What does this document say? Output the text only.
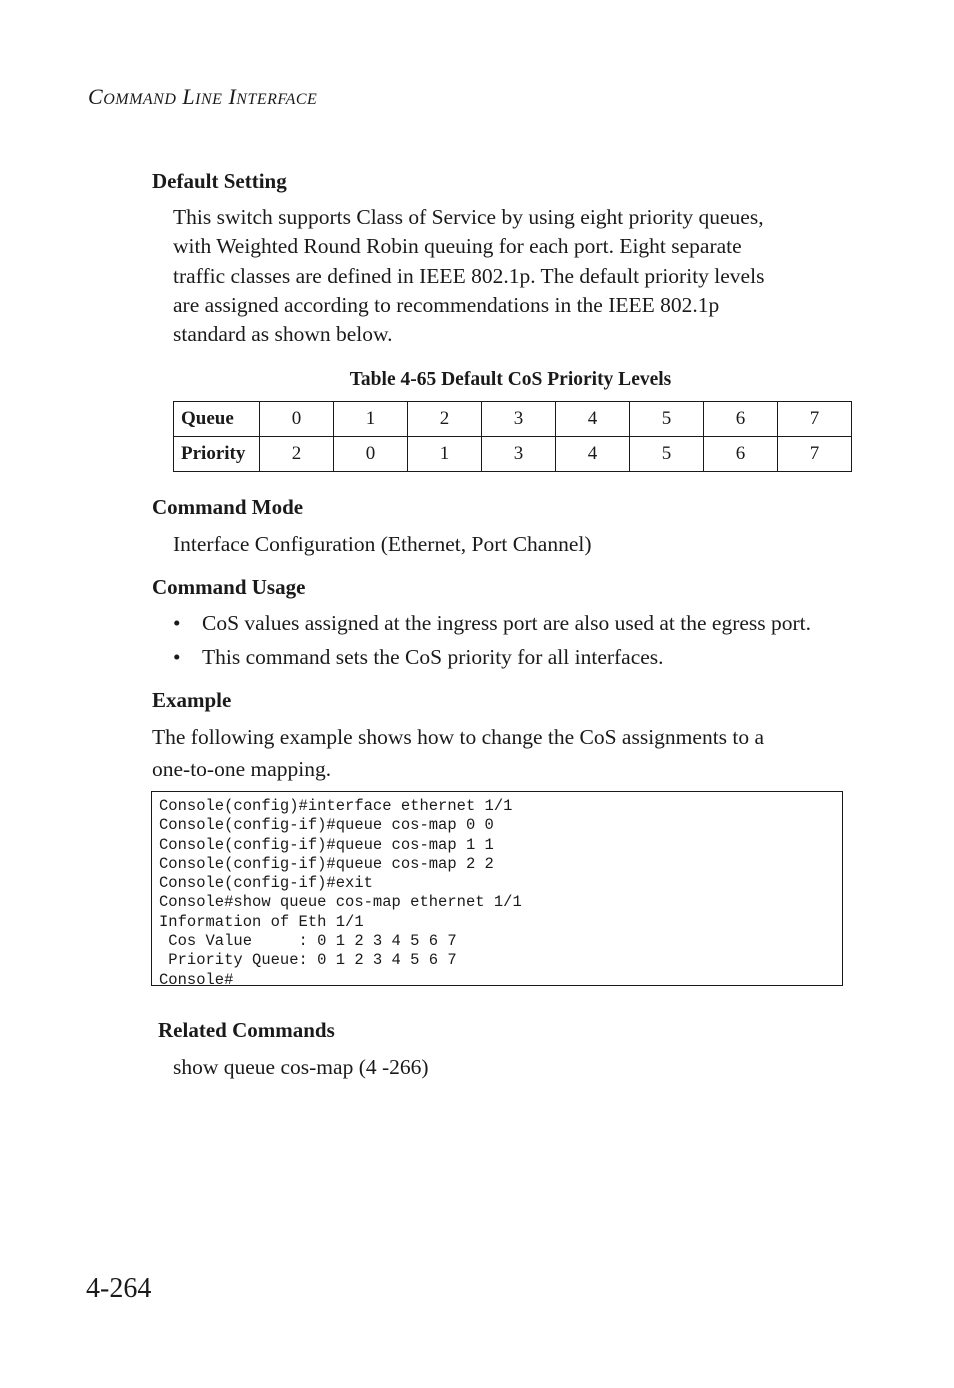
COMMAND LINE INTERFACE
Default Setting
This switch supports Class of Service by using eight priority queues,
with Weighted Round Robin queuing for each port. Eight separate
traffic classes are defined in IEEE 802.1p. The default priority levels
are assigned according to recommendations in the IEEE 802.1p
standard as shown below.
Table 4-65 Default CoS Priority Levels
Queue	0	1	2	3	4	5	6	7
Priority	2	0	1	3	4	5	6	7
Command Mode
Interface Configuration (Ethernet, Port Channel)
Command Usage
• CoS values assigned at the ingress port are also used at the egress port.
• This command sets the CoS priority for all interfaces.
Example
The following example shows how to change the CoS assignments to a
one-to-one mapping.
Console(config)#interface ethernet 1/1
Console(config-if)#queue cos-map 0 0
Console(config-if)#queue cos-map 1 1
Console(config-if)#queue cos-map 2 2
Console(config-if)#exit
Console#show queue cos-map ethernet 1/1
Information of Eth 1/1
Cos Value     : 0 1 2 3 4 5 6 7
Priority Queue: 0 1 2 3 4 5 6 7
Console#
Related Commands
show queue cos-map (4 -266)
4-264
